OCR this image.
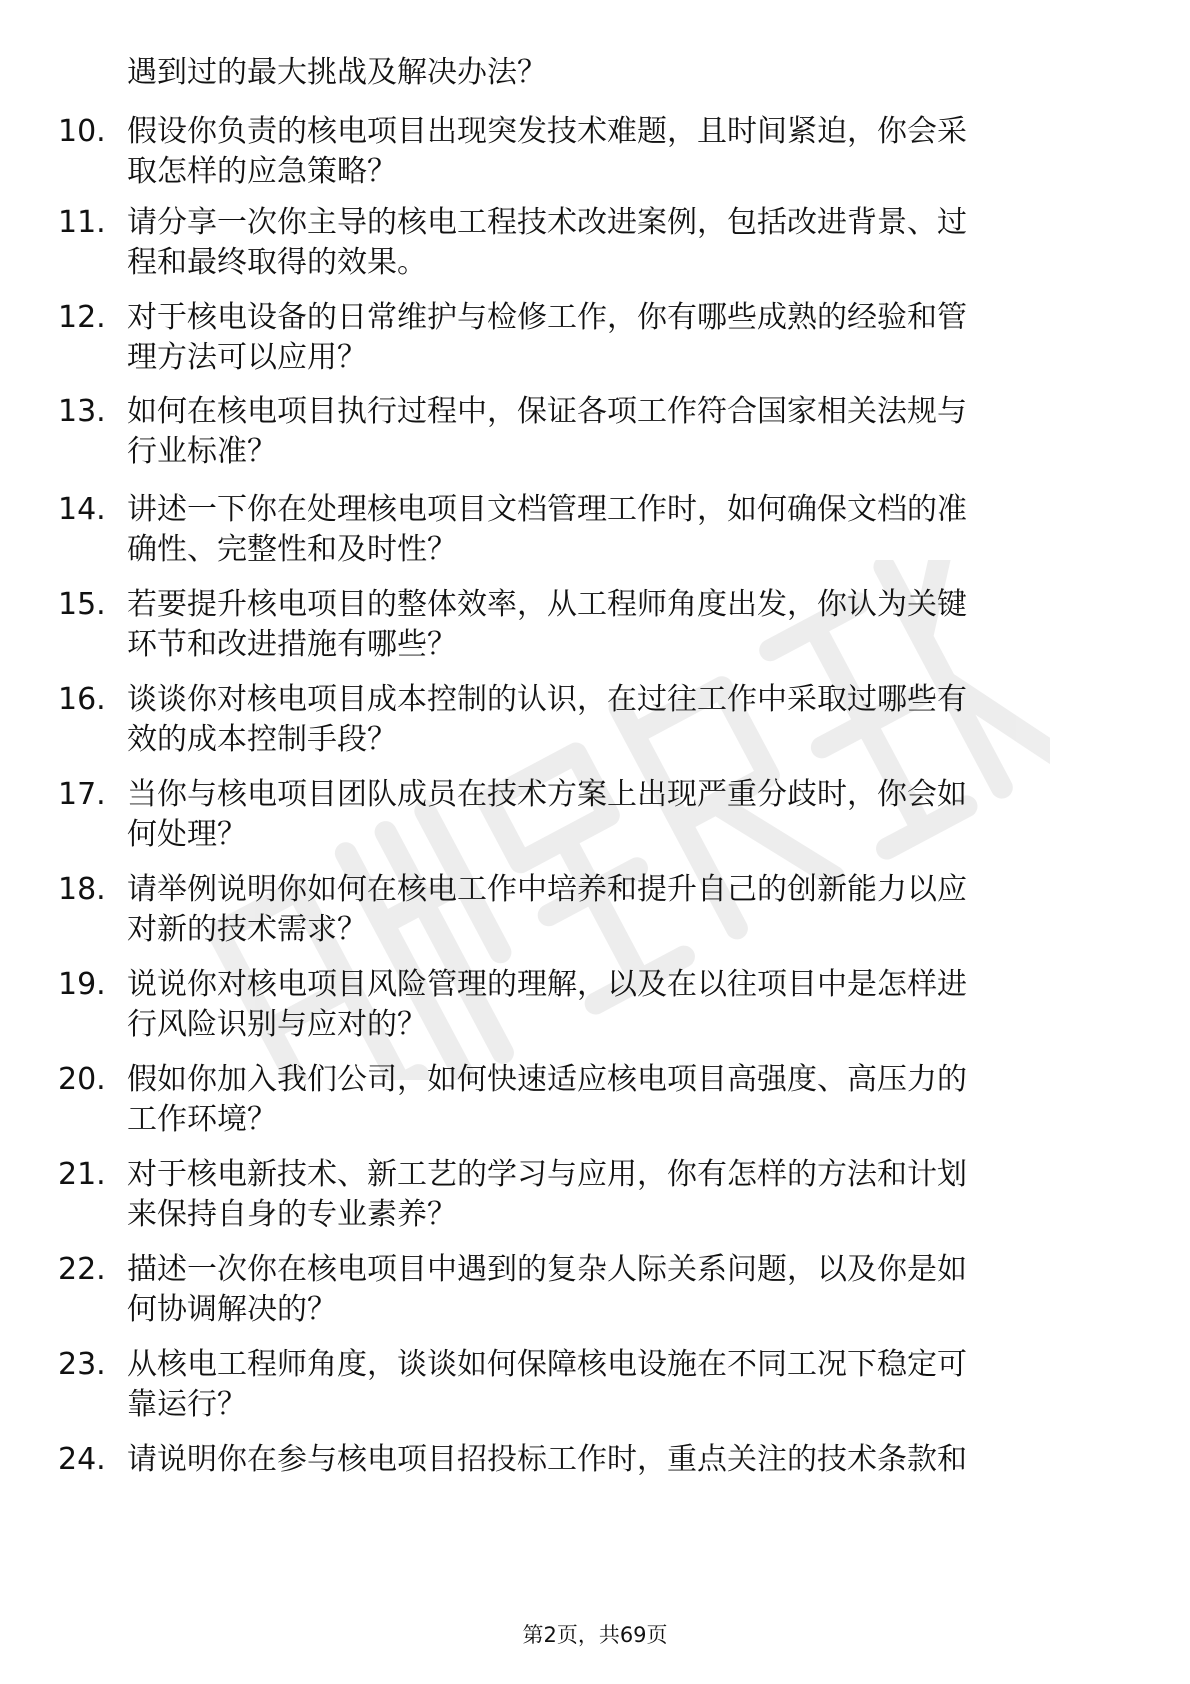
遇到过的最大挑战及解决办法？
10. 假设你负责的核电项目出现突发技术难题，且时间紧迫，你会采
取怎样的应急策略？
11. 请分享一次你主导的核电工程技术改进案例，包括改进背景、过
程和最终取得的效果。
12. 对于核电设备的日常维护与检修工作，你有哪些成熟的经验和管
理方法可以应用？
13. 如何在核电项目执行过程中，保证各项工作符合国家相关法规与
行业标准？
14. 讲述一下你在处理核电项目文档管理工作时，如何确保文档的准
确性、完整性和及时性？
15. 若要提升核电项目的整体效率，从工程师角度出发，你认为关键
环节和改进措施有哪些？
16. 谈谈你对核电项目成本控制的认识，在过往工作中采取过哪些有
效的成本控制手段？
17. 当你与核电项目团队成员在技术方案上出现严重分歧时，你会如
何处理？
18. 请举例说明你如何在核电工作中培养和提升自己的创新能力以应
对新的技术需求？
19. 说说你对核电项目风险管理的理解，以及在以往项目中是怎样进
行风险识别与应对的？
20. 假如你加入我们公司，如何快速适应核电项目高强度、高压力的
工作环境？
21. 对于核电新技术、新工艺的学习与应用，你有怎样的方法和计划
来保持自身的专业素养？
22. 描述一次你在核电项目中遇到的复杂人际关系问题，以及你是如
何协调解决的？
23. 从核电工程师角度，谈谈如何保障核电设施在不同工况下稳定可
靠运行？
24. 请说明你在参与核电项目招投标工作时，重点关注的技术条款和
第2页，共69页
